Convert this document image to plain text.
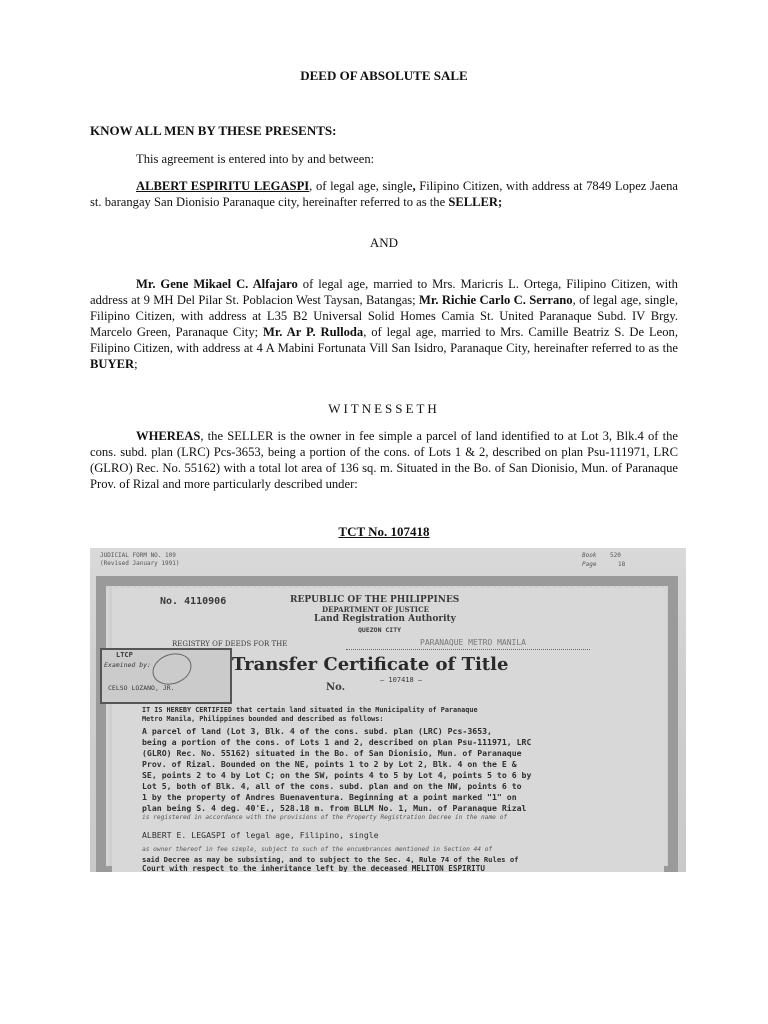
DEED OF ABSOLUTE SALE
KNOW ALL MEN BY THESE PRESENTS:
This agreement is entered into by and between:
ALBERT ESPIRITU LEGASPI, of legal age, single, Filipino Citizen, with address at 7849 Lopez Jaena st. barangay San Dionisio Paranaque city, hereinafter referred to as the SELLER;
AND
Mr. Gene Mikael C. Alfajaro of legal age, married to Mrs. Maricris L. Ortega, Filipino Citizen, with address at 9 MH Del Pilar St. Poblacion West Taysan, Batangas; Mr. Richie Carlo C. Serrano, of legal age, single, Filipino Citizen, with address at L35 B2 Universal Solid Homes Camia St. United Paranaque Subd. IV Brgy. Marcelo Green, Paranaque City; Mr. Ar P. Rulloda, of legal age, married to Mrs. Camille Beatriz S. De Leon, Filipino Citizen, with address at 4 A Mabini Fortunata Vill San Isidro, Paranaque City, hereinafter referred to as the BUYER;
WITNESSETH
WHEREAS, the SELLER is the owner in fee simple a parcel of land identified to at Lot 3, Blk.4 of the cons. subd. plan (LRC) Pcs-3653, being a portion of the cons. of Lots 1 & 2, described on plan Psu-111971, LRC (GLRO) Rec. No. 55162) with a total lot area of 136 sq. m. Situated in the Bo. of San Dionisio, Mun. of Paranaque Prov. of Rizal and more particularly described under:
TCT No. 107418
JUDICIAL FORM NO. 109
(Revised January 1991)
Book 520
Page	18
No. 4110906	REPUBLIC OF THE PHILIPPINES
DEPARTMENT OF JUSTICE
Land Registration Authority
QUEZON CITY
REGISTRY OF DEEDS FOR THE	PARANAQUE METRO MANILA
LTCP
Examined by:
CELSO LOZANO, JR.
Transfer Certificate of Title
– 107418 –
No.
IT IS HEREBY CERTIFIED that certain land situated in the Municipality of Paranaque
Metro Manila, Philippines bounded and described as follows:
A parcel of land (Lot 3, Blk. 4 of the cons. subd. plan (LRC) Pcs-3653,
being a portion of the cons. of Lots 1 and 2, described on plan Psu-111971, LRC
(GLRO) Rec. No. 55162) situated in the Bo. of San Dionisio, Mun. of Paranaque
Prov. of Rizal. Bounded on the NE, points 1 to 2 by Lot 2, Blk. 4 on the E &
SE, points 2 to 4 by Lot C; on the SW, points 4 to 5 by Lot 4, points 5 to 6 by
Lot 5, both of Blk. 4, all of the cons. subd. plan and on the NW, points 6 to
1 by the property of Andres Buenaventura. Beginning at a point marked "1" on
plan being S. 4 deg. 40'E., 528.18 m. from BLLM No. 1, Mun. of Paranaque Rizal
is registered in accordance with the provisions of the Property Registration Decree in the name of
ALBERT E. LEGASPI of legal age, Filipino, single
as owner thereof in fee simple, subject to such of the encumbrances mentioned in Section 44 of
said Decree as may be subsisting, and to subject to the Sec. 4, Rule 74 of the Rules of
Court with respect to the inheritance left by the deceased MELITON ESPIRITU
